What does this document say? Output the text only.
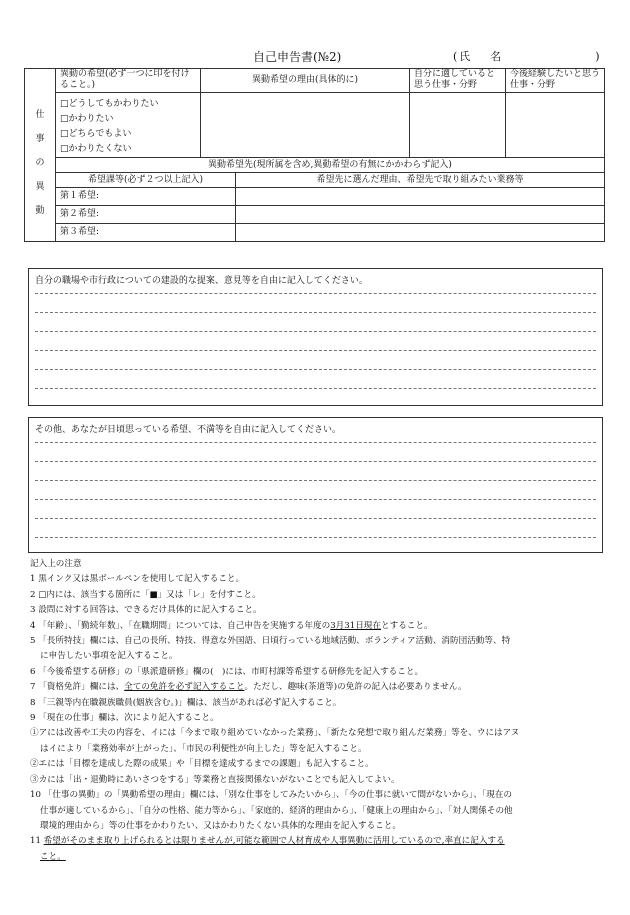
自己申告書(№2)	(氏 名	)
仕
事
の
異
動	異動の希望(必ず一つに印を付けること。)	異動希望の理由(具体的に)		自分に適していると思う仕事・分野	今後経験したいと思う仕事・分野

	□どうしてもかわりたい
□かわりたい
□どちらでもよい
□かわりたくない				

	異動希望先(現所属を含め,異動希望の有無にかかわらず記入)				
	希望課等(必ず２つ以上記入)		希望先に選んだ理由、希望先で取り組みたい業務等		
	第１希望:				
	第２希望:				
	第３希望:				
自分の職場や市行政についての建設的な提案、意見等を自由に記入してください。
その他、あなたが日頃思っている希望、不満等を自由に記入してください。

記入上の注意

1 黒インク又は黒ボールペンを使用して記入すること。

2 □内には、該当する箇所に「■」又は「レ」を付すこと。

3 設問に対する回答は、できるだけ具体的に記入すること。

4 「年齢」、「勤続年数」、「在職期間」については、自己申告を実施する年度の3月31日現在とすること。

5 「長所特技」欄には、自己の長所、特技、得意な外国語、日頃行っている地域活動、ボランティア活動、消防団活動等、特

に申告したい事項を記入すること。

6 「今後希望する研修」の「県派遣研修」欄の(　)には、市町村課等希望する研修先を記入すること。

7 「資格免許」欄には、全ての免許を必ず記入すること。ただし、趣味(茶道等)の免許の記入は必要ありません。

8 「三親等内在職親族職員(姻族含む。)」欄は、該当があれば必ず記入すること。

9 「現在の仕事」欄は、次により記入すること。

①アには改善や工夫の内容を、イには「今まで取り組めていなかった業務」、「新たな発想で取り組んだ業務」等を、ウにはアヌ

はイにより「業務効率が上がった」、「市民の利便性が向上した」等を記入すること。

②エには「目標を達成した際の成果」や「目標を達成するまでの課題」も記入すること。

③カには「出・退勤時にあいさつをする」等業務と直接関係ないがないことでも記入してよい。

10 「仕事の異動」の「異動希望の理由」欄には、「別な仕事をしてみたいから」、「今の仕事に就いて間がないから」、「現在の

仕事が適しているから」、「自分の性格、能力等から」、「家庭的、経済的理由から」、「健康上の理由から」、「対人関係その他

環境的理由から」等の仕事をかわりたい、又はかわりたくない具体的な理由を記入すること。

11 希望がそのまま取り上げられるとは限りませんが,可能な範囲で人材育成や人事異動に活用しているので,率直に記入する

こと。
